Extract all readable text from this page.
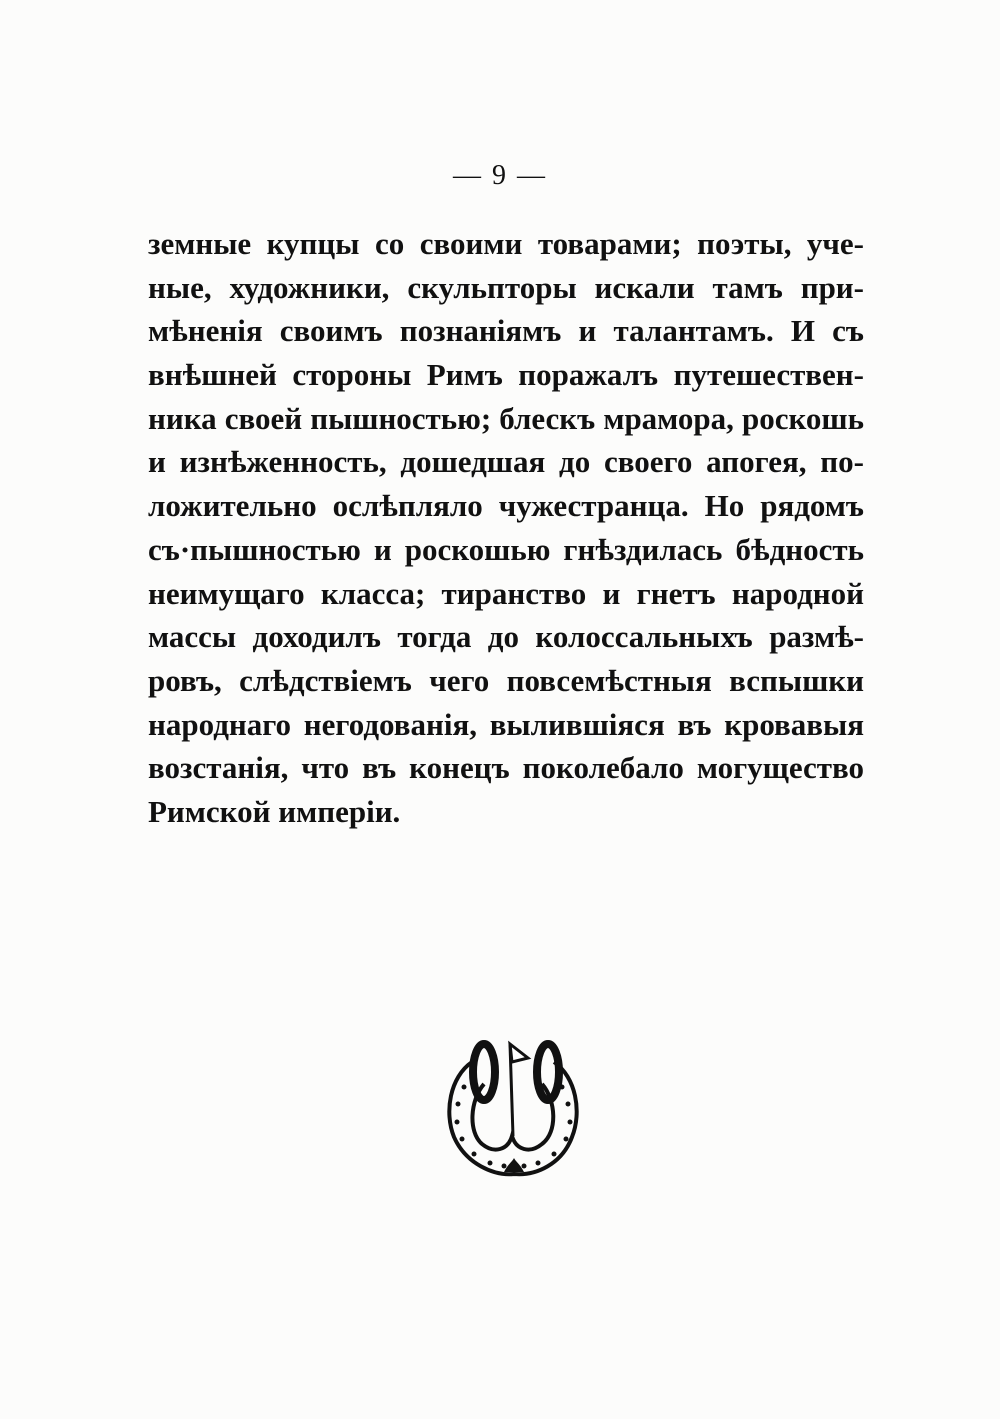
— 9 —
земные купцы со своими товарами; поэты, уче-
ные, художники, скульпторы искали тамъ при-
мѣненія своимъ познаніямъ и талантамъ. И съ
внѣшней стороны Римъ поражалъ путешествен-
ника своей пышностью; блескъ мрамора, роскошь
и изнѣженность, дошедшая до своего апогея, по-
ложительно ослѣпляло чужестранца. Но рядомъ
съ·пышностью и роскошью гнѣздилась бѣдность
неимущаго класса; тиранство и гнетъ народной
массы доходилъ тогда до колоссальныхъ размѣ-
ровъ, слѣдствіемъ чего повсемѣстныя вспышки
народнаго негодованія, вылившіяся въ кровавыя
возстанія, что въ конецъ поколебало могущество
Римской имперіи.
